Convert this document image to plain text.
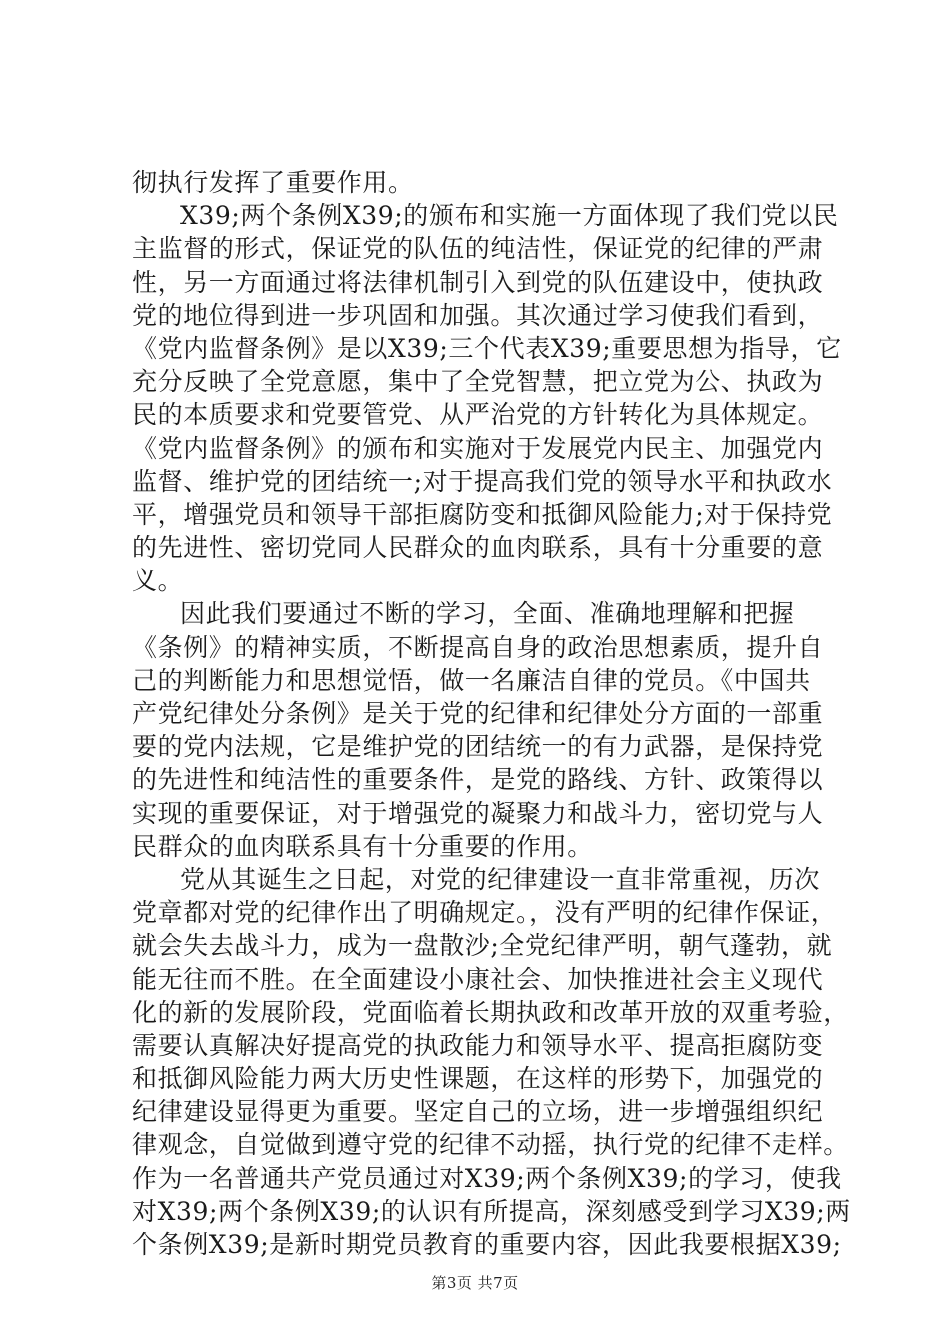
彻执行发挥了重要作用。
X39;两个条例X39;的颁布和实施一方面体现了我们党以民
主监督的形式，保证党的队伍的纯洁性，保证党的纪律的严肃
性，另一方面通过将法律机制引入到党的队伍建设中，使执政
党的地位得到进一步巩固和加强。其次通过学习使我们看到，
《党内监督条例》是以X39;三个代表X39;重要思想为指导，它
充分反映了全党意愿，集中了全党智慧，把立党为公、执政为
民的本质要求和党要管党、从严治党的方针转化为具体规定。
《党内监督条例》的颁布和实施对于发展党内民主、加强党内
监督、维护党的团结统一;对于提高我们党的领导水平和执政水
平，增强党员和领导干部拒腐防变和抵御风险能力;对于保持党
的先进性、密切党同人民群众的血肉联系，具有十分重要的意
义。
因此我们要通过不断的学习，全面、准确地理解和把握
《条例》的精神实质，不断提高自身的政治思想素质，提升自
己的判断能力和思想觉悟，做一名廉洁自律的党员。《中国共
产党纪律处分条例》是关于党的纪律和纪律处分方面的一部重
要的党内法规，它是维护党的团结统一的有力武器，是保持党
的先进性和纯洁性的重要条件，是党的路线、方针、政策得以
实现的重要保证，对于增强党的凝聚力和战斗力，密切党与人
民群众的血肉联系具有十分重要的作用。
党从其诞生之日起，对党的纪律建设一直非常重视，历次
党章都对党的纪律作出了明确规定。，没有严明的纪律作保证，
就会失去战斗力，成为一盘散沙;全党纪律严明，朝气蓬勃，就
能无往而不胜。在全面建设小康社会、加快推进社会主义现代
化的新的发展阶段，党面临着长期执政和改革开放的双重考验，
需要认真解决好提高党的执政能力和领导水平、提高拒腐防变
和抵御风险能力两大历史性课题，在这样的形势下，加强党的
纪律建设显得更为重要。坚定自己的立场，进一步增强组织纪
律观念，自觉做到遵守党的纪律不动摇，执行党的纪律不走样。
作为一名普通共产党员通过对X39;两个条例X39;的学习，使我
对X39;两个条例X39;的认识有所提高，深刻感受到学习X39;两
个条例X39;是新时期党员教育的重要内容，因此我要根据X39;
第3页 共7页
